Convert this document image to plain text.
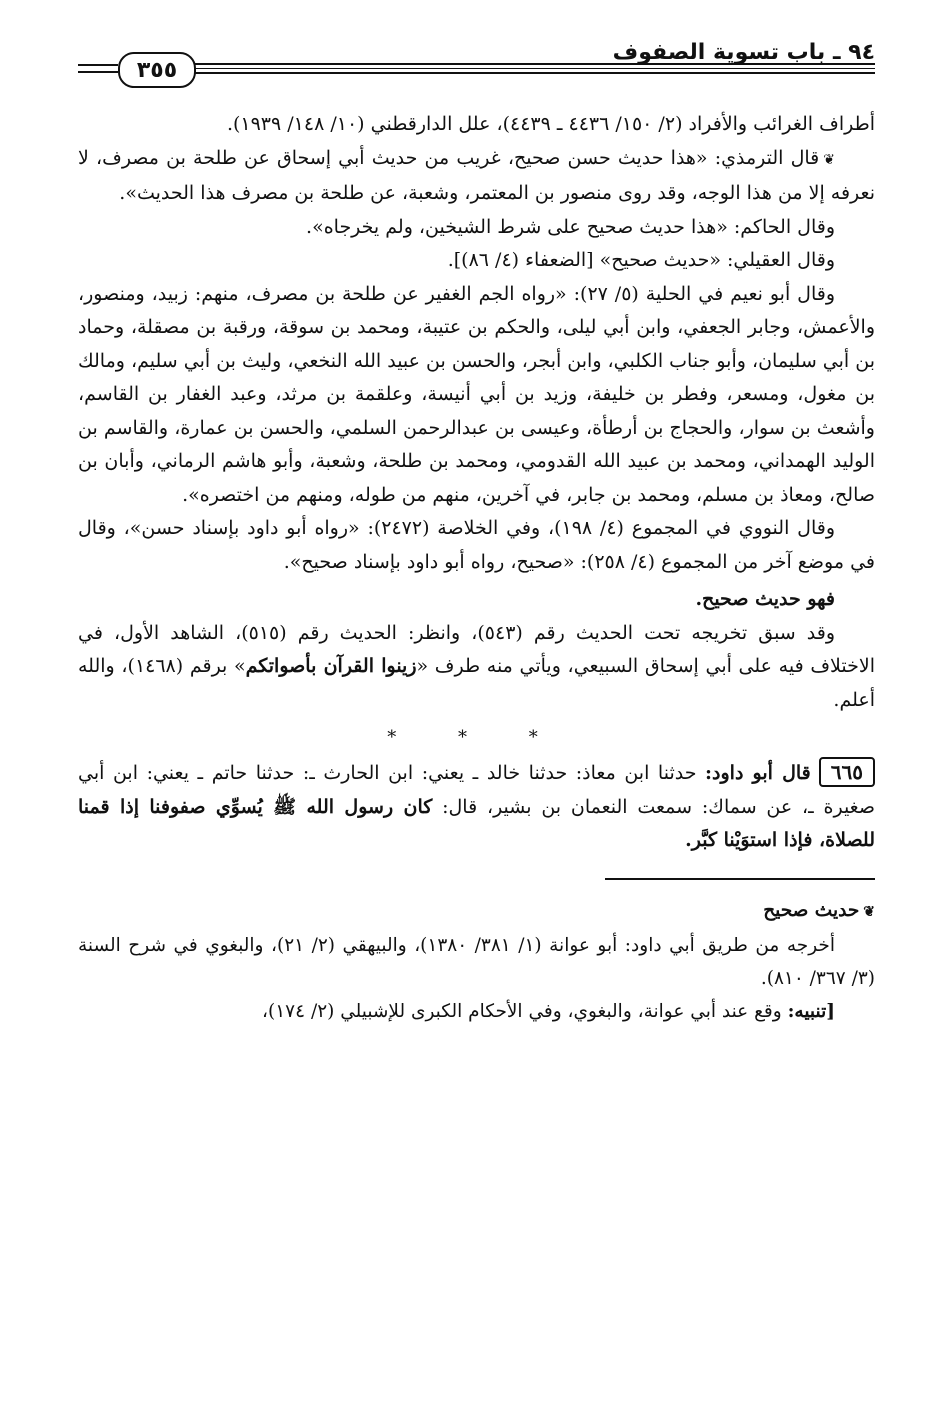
٩٤ ـ باب تسوية الصفوف
٣٥٥

أطراف الغرائب والأفراد (٢/ ١٥٠/ ٤٤٣٦ ـ ٤٤٣٩)، علل الدارقطني (١٠/ ١٤٨/ ١٩٣٩).

❦قال الترمذي: «هذا حديث حسن صحيح، غريب من حديث أبي إسحاق عن طلحة بن مصرف، لا نعرفه إلا من هذا الوجه، وقد روى منصور بن المعتمر، وشعبة، عن طلحة بن مصرف هذا الحديث».

وقال الحاكم: «هذا حديث صحيح على شرط الشيخين، ولم يخرجاه».

وقال العقيلي: «حديث صحيح» [الضعفاء (٤/ ٨٦)].

وقال أبو نعيم في الحلية (٥/ ٢٧): «رواه الجم الغفير عن طلحة بن مصرف، منهم: زبيد، ومنصور، والأعمش، وجابر الجعفي، وابن أبي ليلى، والحكم بن عتيبة، ومحمد بن سوقة، ورقبة بن مصقلة، وحماد بن أبي سليمان، وأبو جناب الكلبي، وابن أبجر، والحسن بن عبيد الله النخعي، وليث بن أبي سليم، ومالك بن مغول، ومسعر، وفطر بن خليفة، وزيد بن أبي أنيسة، وعلقمة بن مرثد، وعبد الغفار بن القاسم، وأشعث بن سوار، والحجاج بن أرطأة، وعيسى بن عبدالرحمن السلمي، والحسن بن عمارة، والقاسم بن الوليد الهمداني، ومحمد بن عبيد الله القدومي، ومحمد بن طلحة، وشعبة، وأبو هاشم الرماني، وأبان بن صالح، ومعاذ بن مسلم، ومحمد بن جابر، في آخرين، منهم من طوله، ومنهم من اختصره».

وقال النووي في المجموع (٤/ ١٩٨)، وفي الخلاصة (٢٤٧٢): «رواه أبو داود بإسناد حسن»، وقال في موضع آخر من المجموع (٤/ ٢٥٨): «صحيح، رواه أبو داود بإسناد صحيح».

فهو حديث صحيح.

وقد سبق تخريجه تحت الحديث رقم (٥٤٣)، وانظر: الحديث رقم (٥١٥)، الشاهد الأول، في الاختلاف فيه على أبي إسحاق السبيعي، ويأتي منه طرف «زينوا القرآن بأصواتكم» برقم (١٤٦٨)، والله أعلم.

* * *

٦٦٥قال أبو داود: حدثنا ابن معاذ: حدثنا خالد ـ يعني: ابن الحارث ـ: حدثنا حاتم ـ يعني: ابن أبي صغيرة ـ، عن سماك: سمعت النعمان بن بشير، قال: كان رسول الله ﷺ يُسوِّي صفوفنا إذا قمنا للصلاة، فإذا استوَيْنا كبَّر.

❦حديث صحيح

أخرجه من طريق أبي داود: أبو عوانة (١/ ٣٨١/ ١٣٨٠)، والبيهقي (٢/ ٢١)، والبغوي في شرح السنة (٣/ ٣٦٧/ ٨١٠).

[تنبيه: وقع عند أبي عوانة، والبغوي، وفي الأحكام الكبرى للإشبيلي (٢/ ١٧٤)،
